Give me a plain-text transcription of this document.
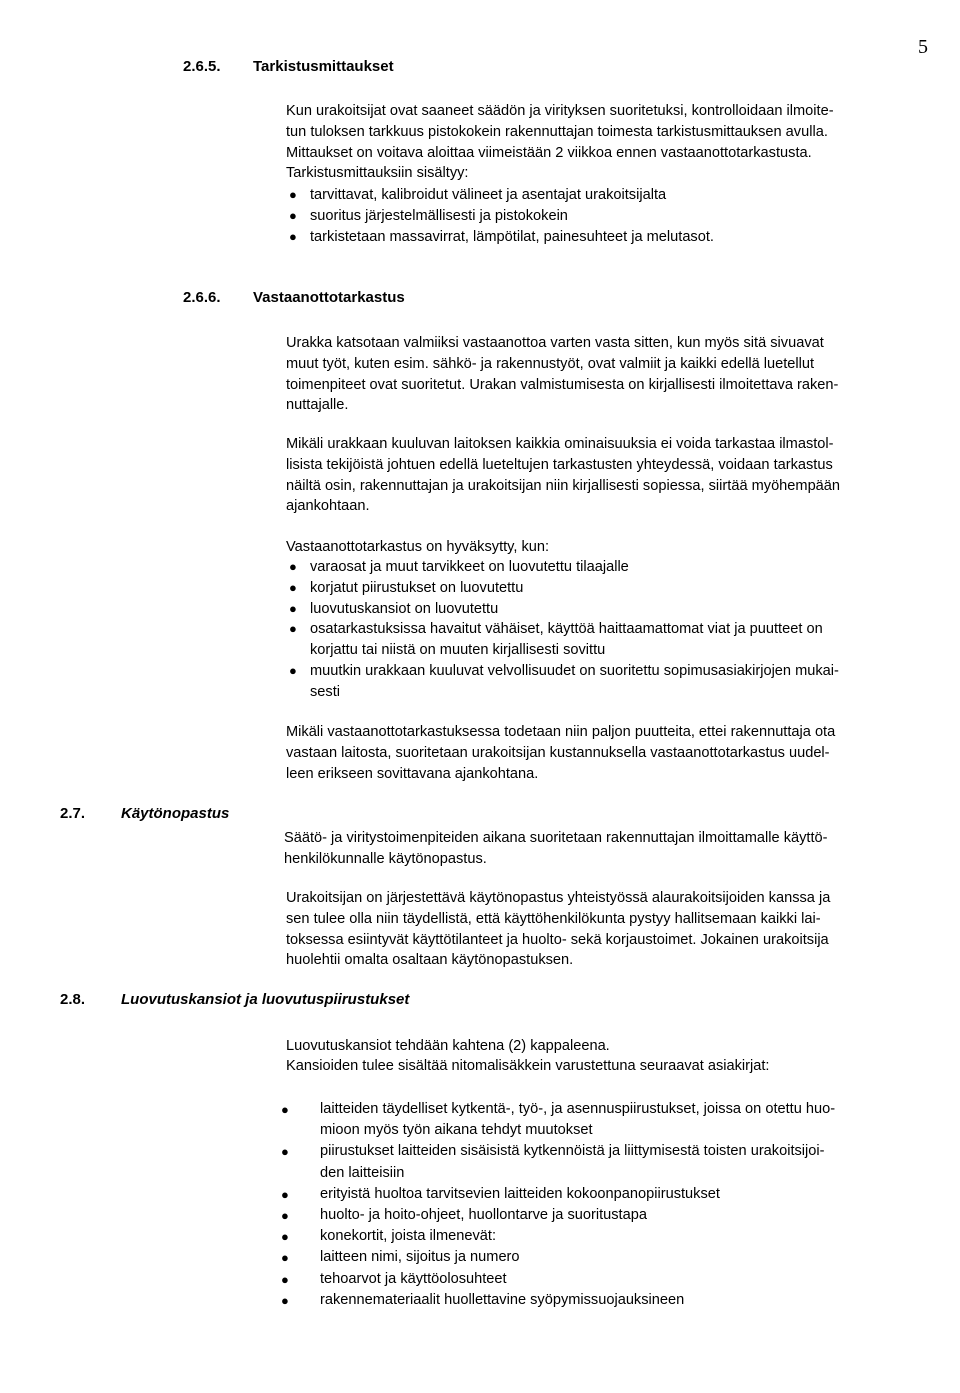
5
2.6.5. Tarkistusmittaukset
Kun urakoitsijat ovat saaneet säädön ja virityksen suoritetuksi, kontrolloidaan ilmoite-
tun tuloksen tarkkuus pistokokein rakennuttajan toimesta tarkistusmittauksen avulla.
Mittaukset on voitava aloittaa viimeistään 2 viikkoa ennen vastaanottotarkastusta.
Tarkistusmittauksiin sisältyy:
● tarvittavat, kalibroidut välineet ja asentajat urakoitsijalta
● suoritus järjestelmällisesti ja pistokokein
● tarkistetaan massavirrat, lämpötilat, painesuhteet ja melutasot.
2.6.6. Vastaanottotarkastus
Urakka katsotaan valmiiksi vastaanottoa varten vasta sitten, kun myös sitä sivuavat
muut työt, kuten esim. sähkö- ja rakennustyöt, ovat valmiit ja kaikki edellä luetellut
toimenpiteet ovat suoritetut. Urakan valmistumisesta on kirjallisesti ilmoitettava raken-
nuttajalle.
Mikäli urakkaan kuuluvan laitoksen kaikkia ominaisuuksia ei voida tarkastaa ilmastol-
lisista tekijöistä johtuen edellä lueteltujen tarkastusten yhteydessä, voidaan tarkastus
näiltä osin, rakennuttajan ja urakoitsijan niin kirjallisesti sopiessa, siirtää myöhempään
ajankohtaan.
Vastaanottotarkastus on hyväksytty, kun:
● varaosat ja muut tarvikkeet on luovutettu tilaajalle
● korjatut piirustukset on luovutettu
● luovutuskansiot on luovutettu
● osatarkastuksissa havaitut vähäiset, käyttöä haittaamattomat viat ja puutteet on
korjattu tai niistä on muuten kirjallisesti sovittu
● muutkin urakkaan kuuluvat velvollisuudet on suoritettu sopimusasiakirjojen mukai-
sesti
Mikäli vastaanottotarkastuksessa todetaan niin paljon puutteita, ettei rakennuttaja ota
vastaan laitosta, suoritetaan urakoitsijan kustannuksella vastaanottotarkastus uudel-
leen erikseen sovittavana ajankohtana.
2.7. Käytönopastus
Säätö- ja viritystoimenpiteiden aikana suoritetaan rakennuttajan ilmoittamalle käyttö-
henkilökunnalle käytönopastus.
Urakoitsijan on järjestettävä käytönopastus yhteistyössä alaurakoitsijoiden kanssa ja
sen tulee olla niin täydellistä, että käyttöhenkilökunta pystyy hallitsemaan kaikki lai-
toksessa esiintyvät käyttötilanteet ja huolto- sekä korjaustoimet. Jokainen urakoitsija
huolehtii omalta osaltaan käytönopastuksen.
2.8. Luovutuskansiot ja luovutuspiirustukset
Luovutuskansiot tehdään kahtena (2) kappaleena.
Kansioiden tulee sisältää nitomalisäkkein varustettuna seuraavat asiakirjat:
● laitteiden täydelliset kytkentä-, työ-, ja asennuspiirustukset, joissa on otettu huo-
mioon myös työn aikana tehdyt muutokset
● piirustukset laitteiden sisäisistä kytkennöistä ja liittymisestä toisten urakoitsijoi-
den laitteisiin
● erityistä huoltoa tarvitsevien laitteiden kokoonpanopiirustukset
● huolto- ja hoito-ohjeet, huollontarve ja suoritustapa
● konekortit, joista ilmenevät:
● laitteen nimi, sijoitus ja numero
● tehoarvot ja käyttöolosuhteet
● rakennemateriaalit huollettavine syöpymissuojauksineen
